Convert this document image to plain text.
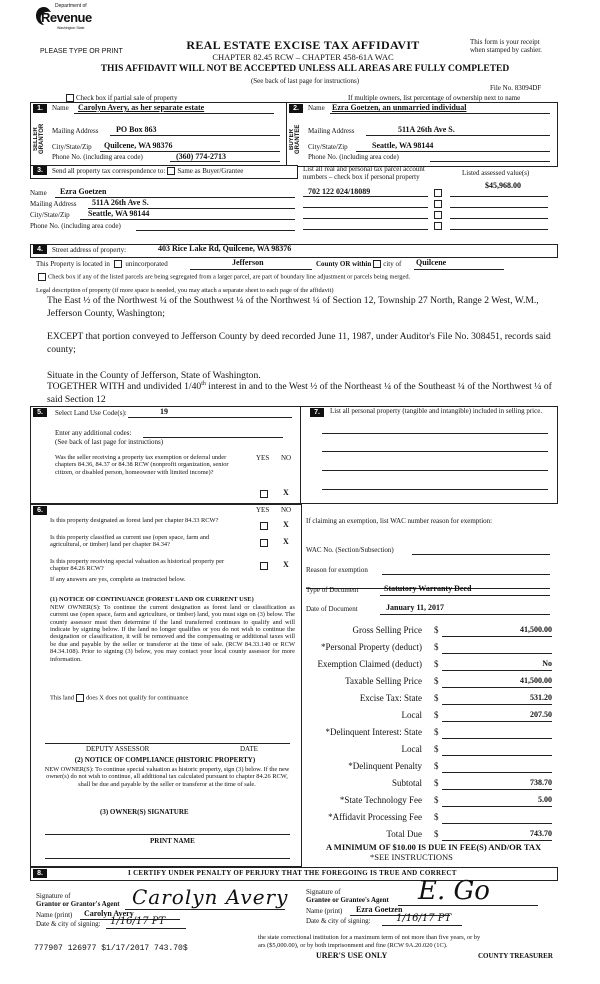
Department of
Revenue
Washington State
PLEASE TYPE OR PRINT	REAL ESTATE EXCISE TAX AFFIDAVIT
CHAPTER 82.45 RCW – CHAPTER 458-61A WAC
THIS AFFIDAVIT WILL NOT BE ACCEPTED UNLESS ALL AREAS ARE FULLY COMPLETED
(See back of last page for instructions)
This form is your receipt
when stamped by cashier.
File No. 83094DF
Check box if partial sale of property	If multiple owners, list percentage of ownership next to name
1.	2.
SELLER GRANTOR	BUYER GRANTEE
Name Carolyn Avery, as her separate estate
Mailing Address PO Box 863
City/State/Zip Quilcene, WA 98376
Phone No. (including area code)	(360) 774-2713
Name Ezra Goetzen, an unmarried individual
Mailing Address	511A 26th Ave S.
City/State/Zip	Seattle, WA 98144
Phone No. (including area code)
3.	Send all property tax correspondence to: Same as Buyer/Grantee
Name Ezra Goetzen
Mailing Address 511A 26th Ave S.
City/State/Zip Seattle, WA 98144
Phone No. (including area code)
List all real and personal tax parcel account
numbers – check box if personal property
Listed assessed value(s)
$45,968.00
702 122 024/18089
4.	Street address of property:	403 Rice Lake Rd, Quilcene, WA 98376
This Property is located in unincorporated	Jefferson	County OR within city of Quilcene
Check box if any of the listed parcels are being segregated from a larger parcel, are part of boundary line adjustment or parcels being merged.
Legal description of property (if more space is needed, you may attach a separate sheet to each page of the affidavit)
The East ½ of the Northwest ¼ of the Southwest ¼ of the Northwest ¼ of Section 12, Township 27 North, Range 2 West, W.M., Jefferson County, Washington;
EXCEPT that portion conveyed to Jefferson County by deed recorded June 11, 1987, under Auditor's File No. 308451, records said county;
Situate in the County of Jefferson, State of Washington.
TOGETHER WITH and undivided 1/40th interest in and to the West ½ of the Northeast ¼ of the Southeast ¼ of the Northwest ¼ of said Section 12
5.	Select Land Use Code(s):	19
Enter any additional codes:
(See back of last page for instructions)
Was the seller receiving a property tax exemption or deferral under chapters 84.36, 84.37 or 84.38 RCW (nonprofit organization, senior citizen, or disabled person, homeowner with limited income)?
YES NO
X
7.	List all personal property (tangible and intangible) included in selling price.
6.	YES NO
Is this property designated as forest land per chapter 84.33 RCW?	X
Is this property classified as current use (open space, farm and agricultural, or timber) land per chapter 84.34?	X
Is this property receiving special valuation as historical property per chapter 84.26 RCW?	X
If any answers are yes, complete as instructed below.
(1) NOTICE OF CONTINUANCE (FOREST LAND OR CURRENT USE)
NEW OWNER(S): To continue the current designation as forest land or classification as current use (open space, farm and agriculture, or timber) land, you must sign on (3) below. The county assessor must then determine if the land transferred continues to qualify and will indicate by signing below. If the land no longer qualifies or you do not wish to continue the designation or classification, it will be removed and the compensating or additional taxes will be due and payable by the seller or transferor at the time of sale. (RCW 84.33.140 or RCW 84.34.108). Prior to signing (3) below, you may contact your local county assessor for more information.
This land does X does not qualify for continuance
DEPUTY ASSESSOR	DATE
(2) NOTICE OF COMPLIANCE (HISTORIC PROPERTY)
NEW OWNER(S): To continue special valuation as historic property, sign (3) below. If the new owner(s) do not wish to continue, all additional tax calculated pursuant to chapter 84.26 RCW, shall be due and payable by the seller or transferor at the time of sale.
(3) OWNER(S) SIGNATURE
PRINT NAME
If claiming an exemption, list WAC number reason for exemption:
WAC No. (Section/Subsection)
Reason for exemption
Type of Document	Statutory Warranty Deed
Date of Document	January 11, 2017
Gross Selling Price $	41,500.00
*Personal Property (deduct) $
Exemption Claimed (deduct) $	No
Taxable Selling Price $	41,500.00
Excise Tax: State $	531.20
Local $	207.50
*Delinquent Interest: State $
Local $
*Delinquent Penalty $
Subtotal $	738.70
*State Technology Fee $	5.00
*Affidavit Processing Fee $
Total Due $	743.70
A MINIMUM OF $10.00 IS DUE IN FEE(S) AND/OR TAX
*SEE INSTRUCTIONS
8.	I CERTIFY UNDER PENALTY OF PERJURY THAT THE FOREGOING IS TRUE AND CORRECT
Signature of
Grantor or Grantor's Agent Carolyn Avery
Name (print) Carolyn Avery
Date & city of signing: 1/16/17 PT
Signature of
Grantee or Grantee's Agent E. Go
Name (print) Ezra Goetzen
Date & city of signing:	1/16/17 PT
the state correctional institution for a maximum term of not more than five years, or by
ars ($5,000.00), or by both imprisonment and fine (RCW 9A.20.020 (1C).
URER'S USE ONLY	COUNTY TREASURER
777907 126977 $1/17/2017 743.70$
